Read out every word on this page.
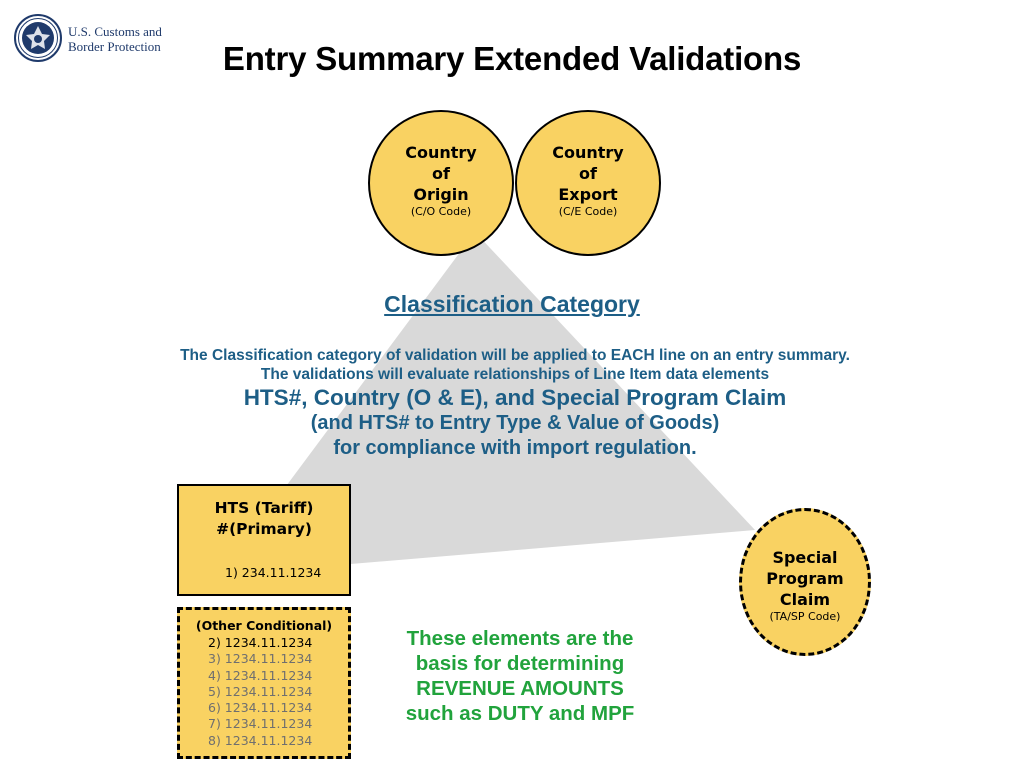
U.S. Customs and
Border Protection	Entry Summary Extended Validations
Country
of
Origin
(C/O Code)
Country
of
Export
(C/E Code)
Classification Category
The Classification category of validation will be applied to EACH line on an entry summary.
The validations will evaluate relationships of Line Item data elements
HTS#, Country (O & E), and Special Program Claim
(and HTS# to Entry Type & Value of Goods)
for compliance with import regulation.
HTS (Tariff)
#(Primary)
1) 234.11.1234
(Other Conditional)
2) 1234.11.1234
3) 1234.11.1234
4) 1234.11.1234
5) 1234.11.1234
6) 1234.11.1234
7) 1234.11.1234
8) 1234.11.1234
Special
Program
Claim
(TA/SP Code)
These elements are the
basis for determining
REVENUE AMOUNTS
such as DUTY and MPF
